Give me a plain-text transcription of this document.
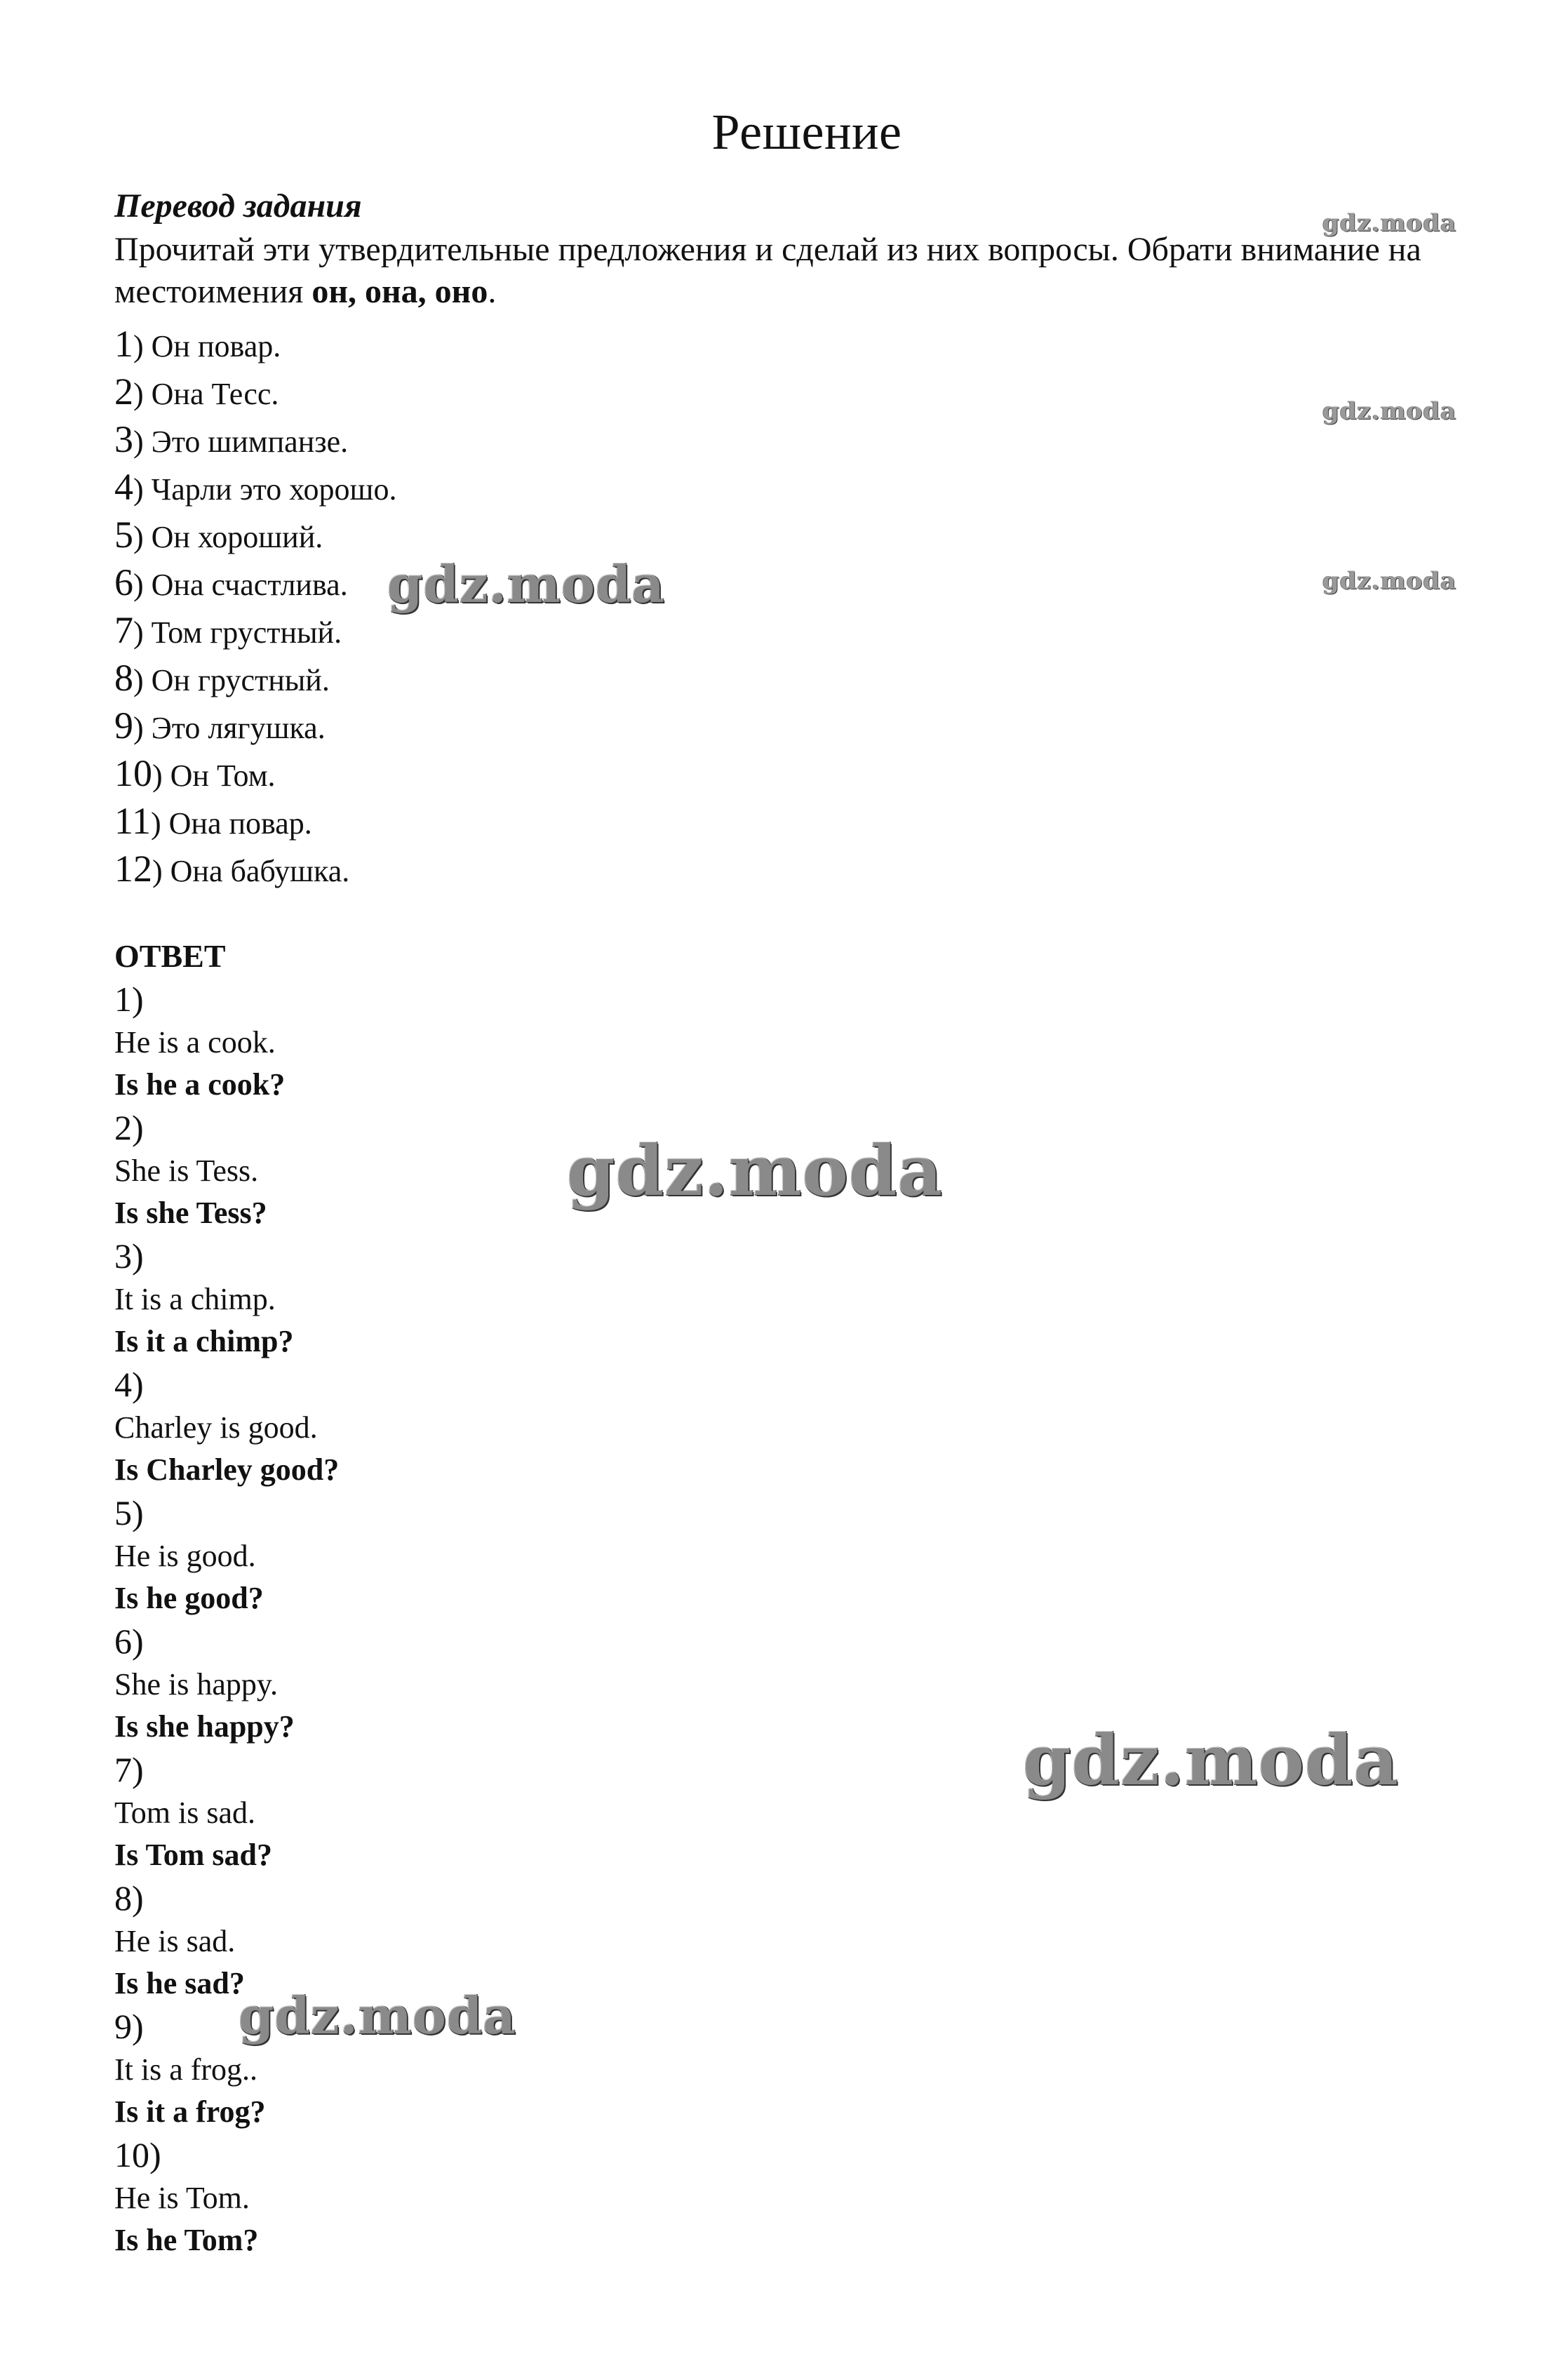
Решение
Перевод задания
Прочитай эти утвердительные предложения и сделай из них вопросы. Обрати внимание на местоимения он, она, оно.
1) Он повар.
2) Она Тесс.
3) Это шимпанзе.
4) Чарли это хорошо.
5) Он хороший.
6) Она счастлива.
7) Том грустный.
8) Он грустный.
9) Это лягушка.
10) Он Том.
11) Она повар.
12) Она бабушка.
ОТВЕТ
1)
He is a cook.
Is he a cook?
2)
She is Tess.
Is she Tess?
3)
It is a chimp.
Is it a chimp?
4)
Charley is good.
Is Charley good?
5)
He is good.
Is he good?
6)
She is happy.
Is she happy?
7)
Tom is sad.
Is Tom sad?
8)
He is sad.
Is he sad?
9)
It is a frog..
Is it a frog?
10)
He is Tom.
Is he Tom?
gdz.moda
gdz.moda
gdz.moda
gdz.moda
gdz.moda
gdz.moda
gdz.moda
